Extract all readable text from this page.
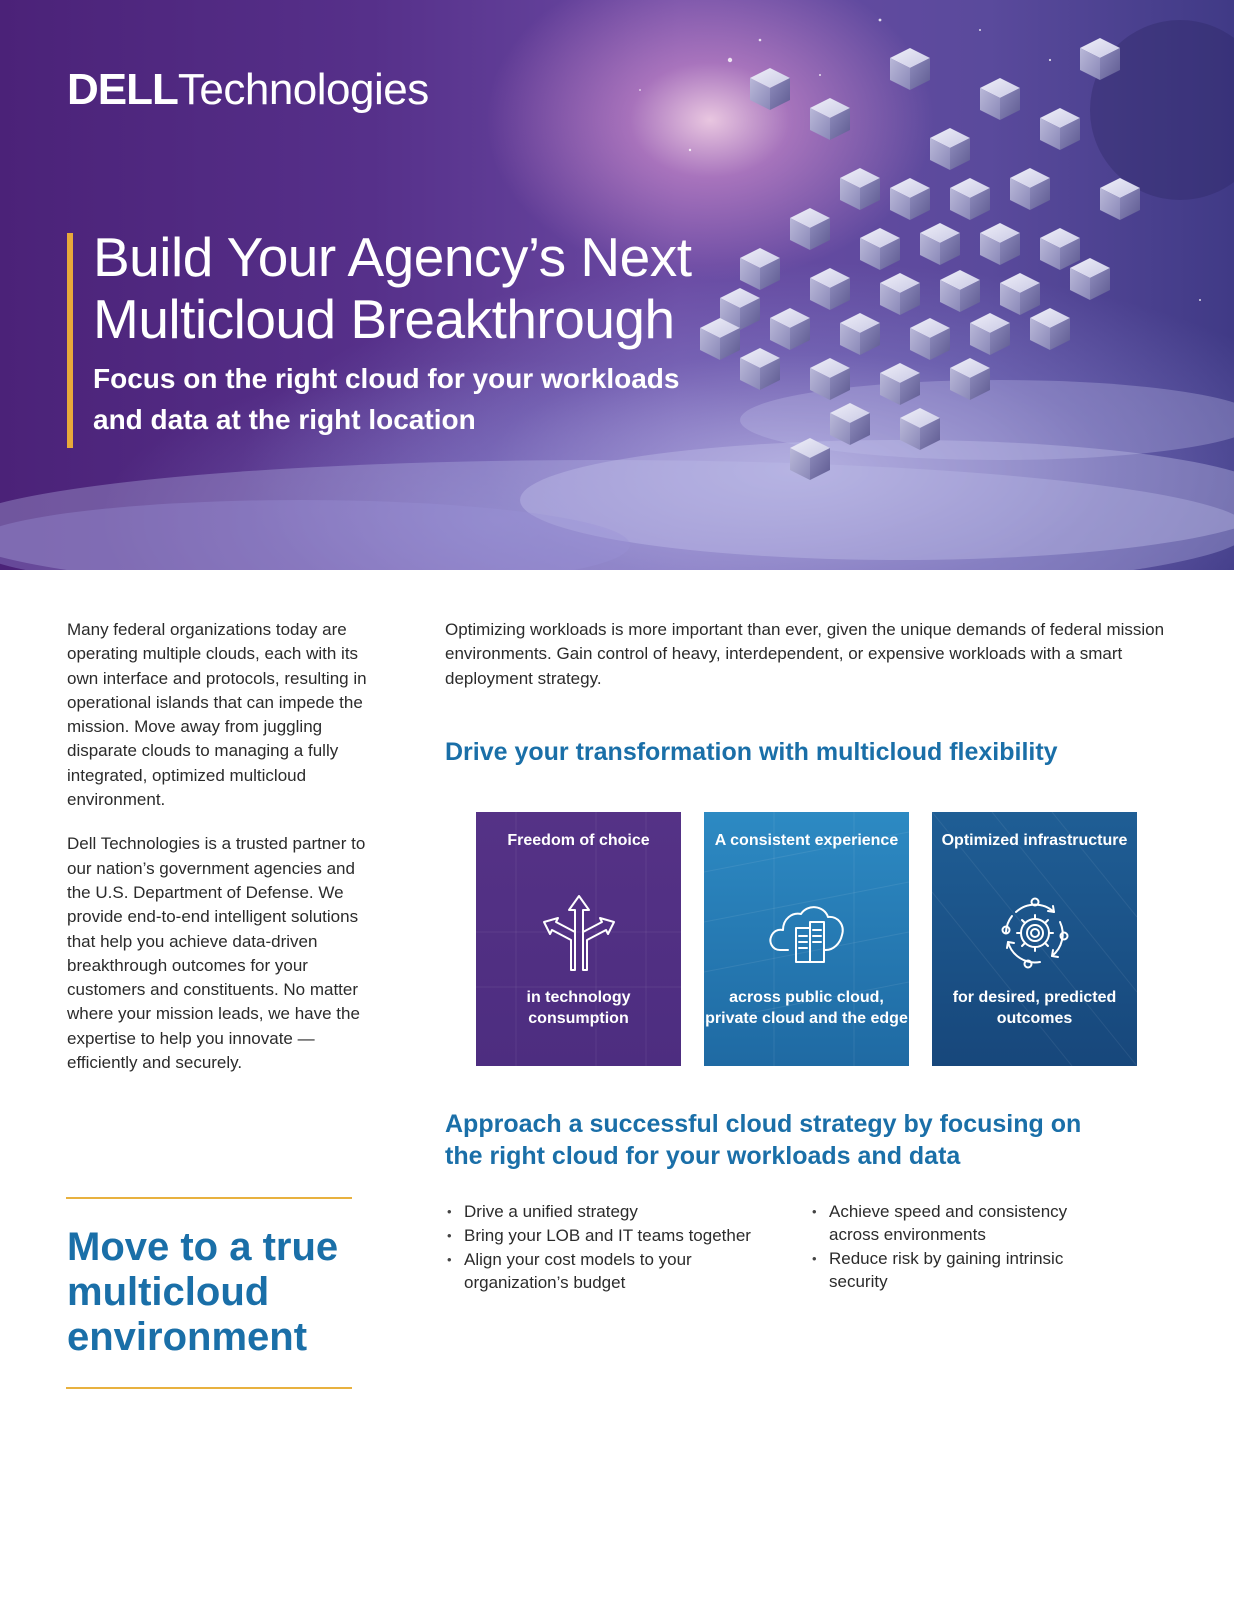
DELLTechnologies
Build Your Agency’s Next Multicloud Breakthrough

Focus on the right cloud for your workloads and data at the right location

Many federal organizations today are operating multiple clouds, each with its own interface and protocols, resulting in operational islands that can impede the mission. Move away from juggling disparate clouds to managing a fully integrated, optimized multicloud environment.

Dell Technologies is a trusted partner to our nation’s government agencies and the U.S. Department of Defense. We provide end-to-end intelligent solutions that help you achieve data-driven breakthrough outcomes for your customers and constituents. No matter where your mission leads, we have the expertise to help you innovate — efficiently and securely.

Optimizing workloads is more important than ever, given the unique demands of federal mission environments. Gain control of heavy, interdependent, or expensive workloads with a smart deployment strategy.

Drive your transformation with multicloud flexibility
Freedom of choice
in technology consumption
A consistent experience
across public cloud, private cloud and the edge
Optimized infrastructure
for desired, predicted outcomes
Approach a successful cloud strategy by focusing on the right cloud for your workloads and data
• Drive a unified strategy
• Bring your LOB and IT teams together
• Align your cost models to your organization’s budget
• Achieve speed and consistency across environments
• Reduce risk by gaining intrinsic security
Move to a true multicloud environment
